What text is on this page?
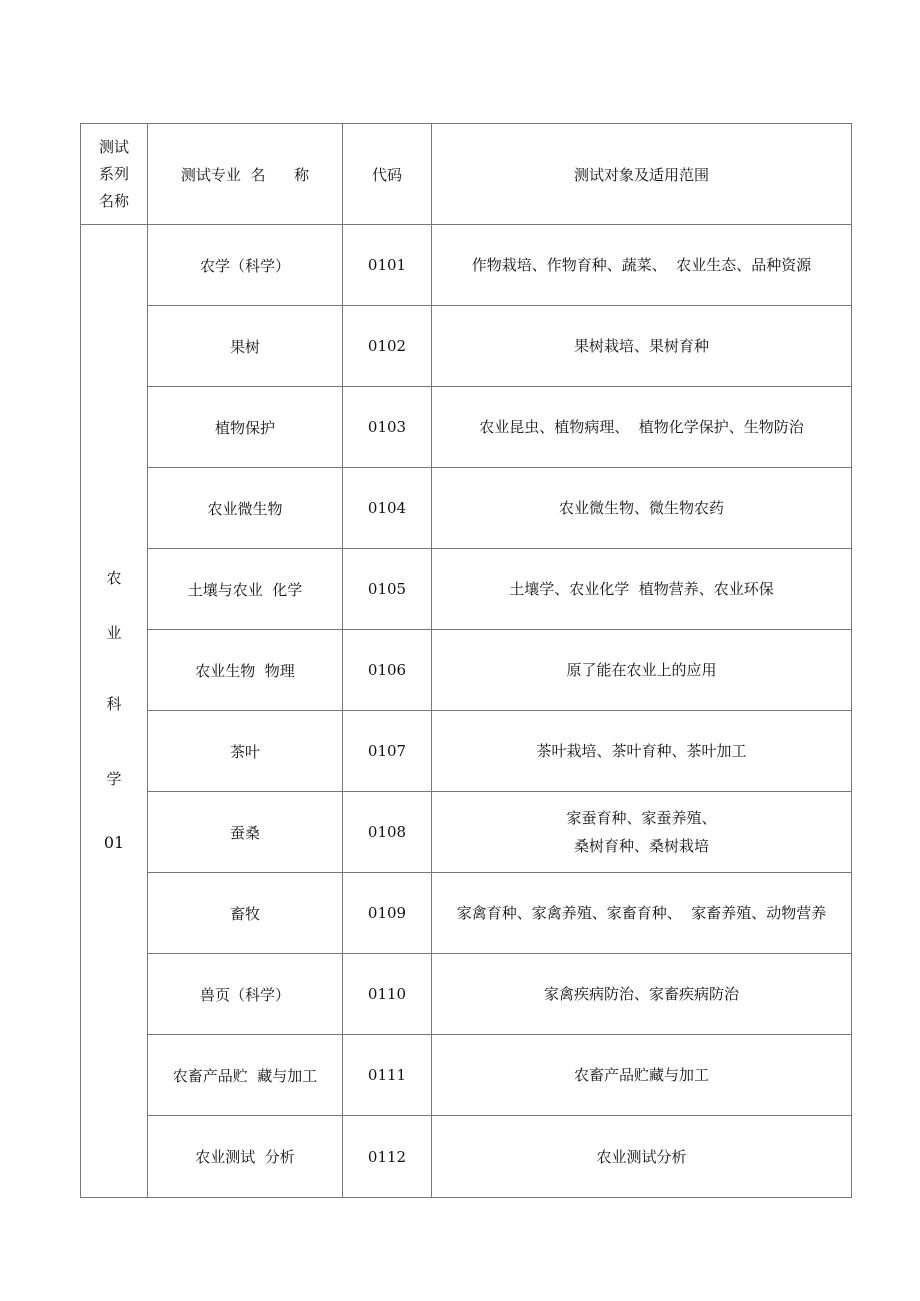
测试
系列
名称	测试专业  名      称	代码	测试对象及适用范围

农
业
科
学
01	农学（科学）	0101	作物栽培、作物育种、蔬菜、  农业生态、品种资源

	果树	0102	果树栽培、果树育种

	植物保护	0103	农业昆虫、植物病理、  植物化学保护、生物防治

	农业微生物	0104	农业微生物、微生物农药

	土壤与农业  化学	0105	土壤学、农业化学  植物营养、农业环保

	农业生物  物理	0106	原了能在农业上的应用

	茶叶	0107	茶叶栽培、茶叶育种、茶叶加工

	蚕桑	0108	家蚕育种、家蚕养殖、
桑树育种、桑树栽培

	畜牧	0109	家禽育种、家禽养殖、家畜育种、  家畜养殖、动物营养

	兽页（科学）	0110	家禽疾病防治、家畜疾病防治

	农畜产品贮  藏与加工	0111	农畜产品贮藏与加工

	农业测试  分析	0112	农业测试分析
